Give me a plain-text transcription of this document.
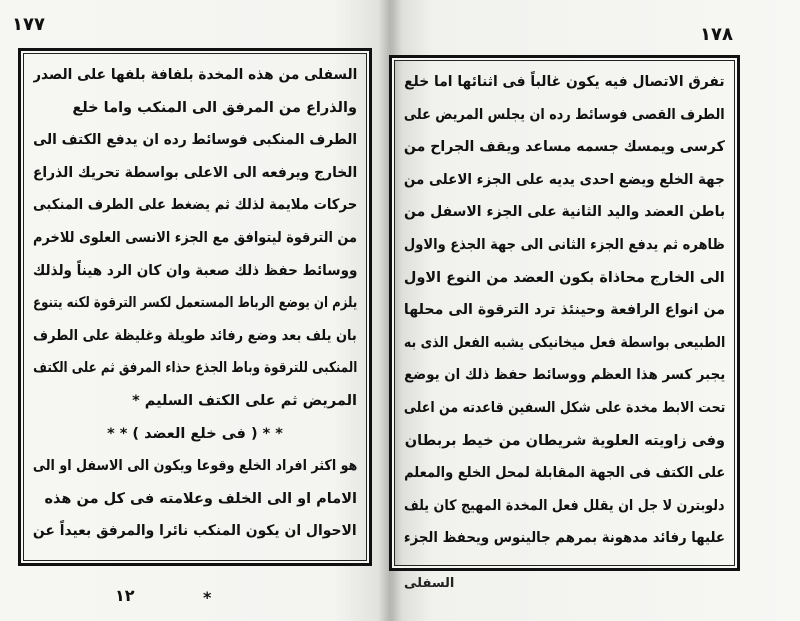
١٧٧	١٧٨
السفلى من هذه المخدة بلفافة بلفها على الصدر
والذراع من المرفق الى المنكب واما خلع
الطرف المنكبى فوسائط رده ان يدفع الكتف الى
الخارج ويرفعه الى الاعلى بواسطة تحريك الذراع
حركات ملايمة لذلك ثم يضغط على الطرف المنكبى
من الترقوة ليتوافق مع الجزء الانسى العلوى للاخرم
ووسائط حفظ ذلك صعبة وان كان الرد هيناً ولذلك
يلزم ان يوضع الرباط المستعمل لكسر الترقوة لكنه يتنوع
بان يلف بعد وضع رفائد طويلة وغليظة على الطرف
المنكبى للترقوة وباط الجذع حذاء المرفق ثم على الكتف
المريض ثم على الكتف السليم *
* * ( فى خلع العضد ) * *
هو اكثر افراد الخلع وقوعا ويكون الى الاسفل او الى
الامام او الى الخلف وعلامته فى كل من هذه
الاحوال ان يكون المنكب نائرا والمرفق بعيداً عن
تفرق الاتصال فيه يكون غالباً فى اثنائها اما خلع
الطرف القصى فوسائط رده ان يجلس المريض على
كرسى ويمسك جسمه مساعد ويقف الجراح من
جهة الخلع ويضع احدى يديه على الجزء الاعلى من
باطن العضد واليد الثانية على الجزء الاسفل من
ظاهره ثم يدفع الجزء الثانى الى جهة الجذع والاول
الى الخارج محاذاة بكون العضد من النوع الاول
من انواع الرافعة وحينئذ ترد الترقوة الى محلها
الطبيعى بواسطة فعل ميخانيكى يشبه الفعل الذى به
يجبر كسر هذا العظم ووسائط حفظ ذلك ان يوضع
تحت الابط مخدة على شكل السفين قاعدته من اعلى
وفى زاويته العلوية شريطان من خيط بربطان
على الكتف فى الجهة المقابلة لمحل الخلع والمعلم
دلوبترن لا جل ان يقلل فعل المخدة المهيج كان يلف
عليها رفائد مدهونة بمرهم جالينوس ويحفظ الجزء
السفلى
١٢	*
